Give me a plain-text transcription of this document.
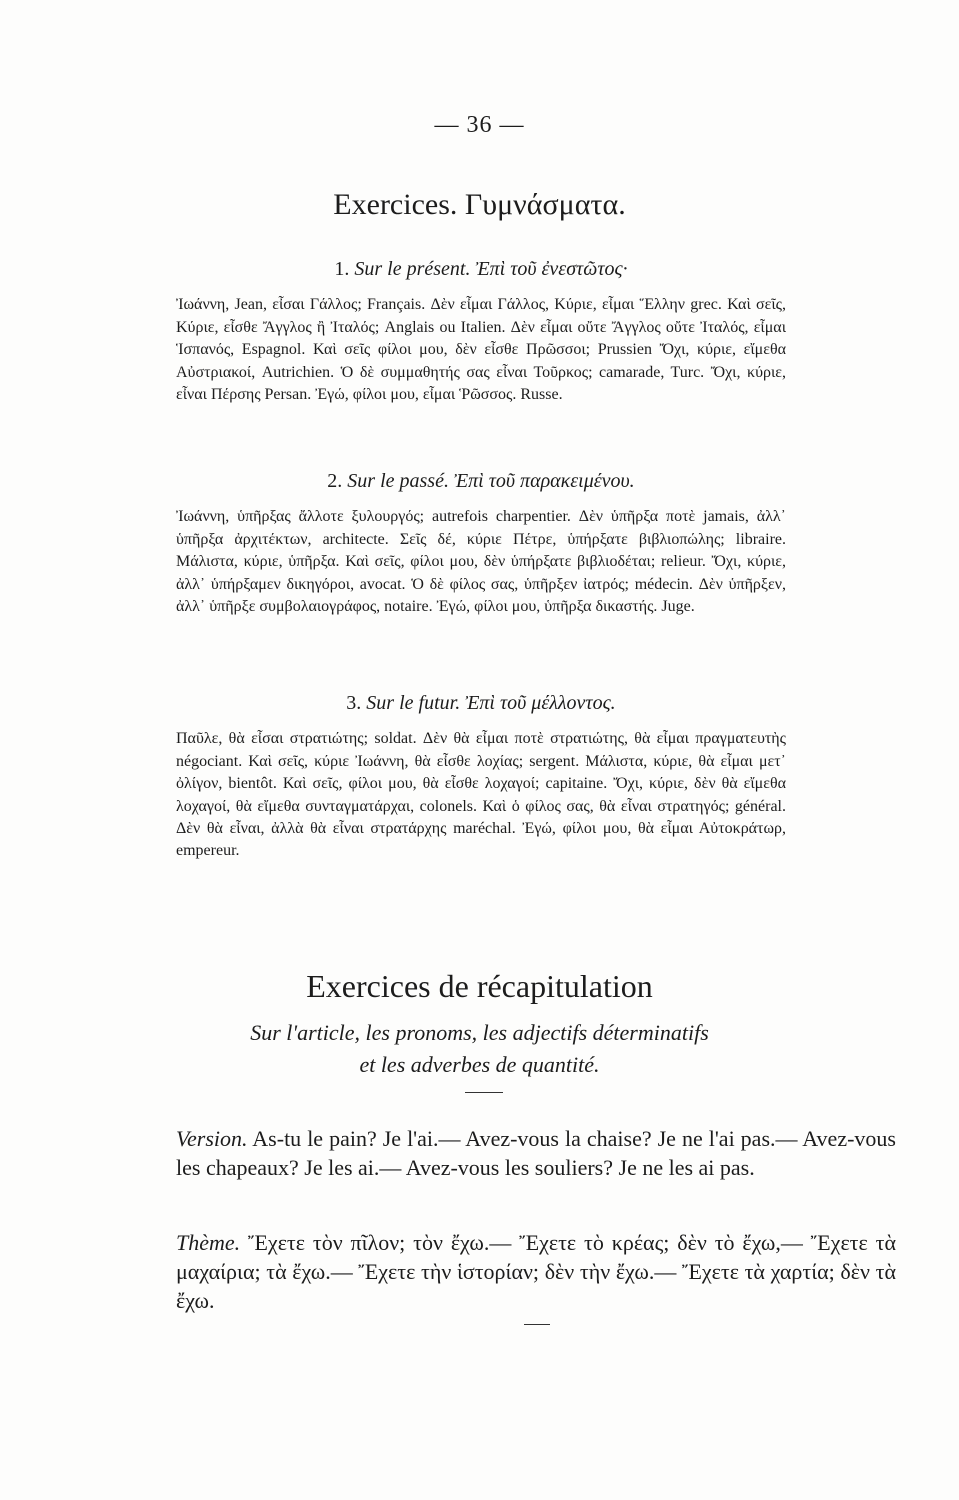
— 36 —
Exercices. Γυμνάσματα.
1. Sur le présent. Ἐπὶ τοῦ ἐνεστῶτος·
Ἰωάννη, Jean, εἶσαι Γάλλος; Français. Δὲν εἶμαι Γάλλος, Κύριε, εἶμαι Ἕλλην grec. Καὶ σεῖς, Κύριε, εἶσθε Ἄγγλος ἢ Ἰταλός; Anglais ou Italien. Δὲν εἶμαι οὔτε Ἄγγλος οὔτε Ἰταλός, εἶμαι Ἱσπανός, Espagnol. Καὶ σεῖς φίλοι μου, δὲν εἶσθε Πρῶσσοι; Prussien Ὄχι, κύριε, εἴμεθα Αὐστριακοί, Autrichien. Ὁ δὲ συμμαθητής σας εἶναι Τοῦρκος; camarade, Turc. Ὄχι, κύριε, εἶναι Πέρσης Persan. Ἐγώ, φίλοι μου, εἶμαι Ῥῶσσος. Russe.
2. Sur le passé. Ἐπὶ τοῦ παρακειμένου.
Ἰωάννη, ὑπῆρξας ἄλλοτε ξυλουργός; autrefois charpentier. Δὲν ὑπῆρξα ποτὲ jamais, ἀλλ᾽ ὑπῆρξα ἀρχιτέκτων, architecte. Σεῖς δέ, κύριε Πέτρε, ὑπήρξατε βιβλιοπώλης; libraire. Μάλιστα, κύριε, ὑπῆρξα. Καὶ σεῖς, φίλοι μου, δὲν ὑπήρξατε βιβλιοδέται; relieur. Ὄχι, κύριε, ἀλλ᾽ ὑπήρξαμεν δικηγόροι, avocat. Ὁ δὲ φίλος σας, ὑπῆρξεν ἰατρός; médecin. Δὲν ὑπῆρξεν, ἀλλ᾽ ὑπῆρξε συμβολαιογράφος, notaire. Ἐγώ, φίλοι μου, ὑπῆρξα δικαστής. Juge.
3. Sur le futur. Ἐπὶ τοῦ μέλλοντος.
Παῦλε, θὰ εἶσαι στρατιώτης; soldat. Δὲν θὰ εἶμαι ποτὲ στρατιώτης, θὰ εἶμαι πραγματευτὴς négociant. Καὶ σεῖς, κύριε Ἰωάννη, θὰ εἶσθε λοχίας; sergent. Μάλιστα, κύριε, θὰ εἶμαι μετ᾽ ὀλίγον, bientôt. Καὶ σεῖς, φίλοι μου, θὰ εἶσθε λοχαγοί; capitaine. Ὄχι, κύριε, δὲν θὰ εἴμεθα λοχαγοί, θὰ εἴμεθα συνταγματάρχαι, colonels. Καὶ ὁ φίλος σας, θὰ εἶναι στρατηγός; général. Δὲν θὰ εἶναι, ἀλλὰ θὰ εἶναι στρατάρχης maréchal. Ἐγώ, φίλοι μου, θὰ εἶμαι Αὐτοκράτωρ, empereur.
Exercices de récapitulation
Sur l'article, les pronoms, les adjectifs déterminatifs
et les adverbes de quantité.
Version. As-tu le pain? Je l'ai.— Avez-vous la chaise? Je ne l'ai pas.— Avez-vous les chapeaux? Je les ai.— Avez-vous les souliers? Je ne les ai pas.
Thème. Ἔχετε τὸν πῖλον; τὸν ἔχω.— Ἔχετε τὸ κρέας; δὲν τὸ ἔχω,— Ἔχετε τὰ μαχαίρια; τὰ ἔχω.— Ἔχετε τὴν ἱστορίαν; δὲν τὴν ἔχω.— Ἔχετε τὰ χαρτία; δὲν τὰ ἔχω.
